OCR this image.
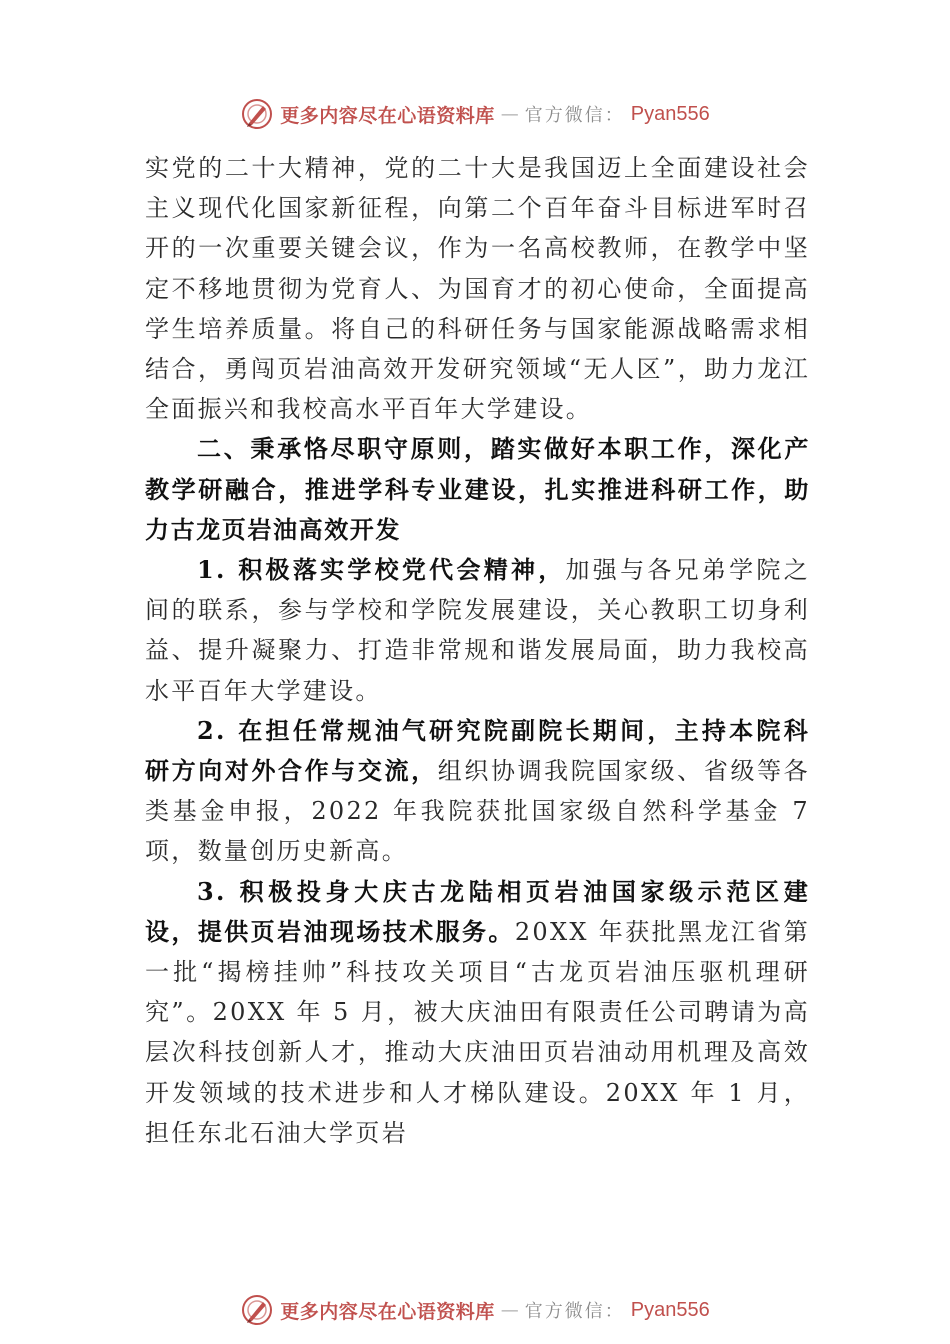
更多内容尽在心语资料库 — 官方微信： Pyan556

实党的二十大精神，党的二十大是我国迈上全面建设社会主义现代化国家新征程，向第二个百年奋斗目标进军时召开的一次重要关键会议，作为一名高校教师，在教学中坚定不移地贯彻为党育人、为国育才的初心使命，全面提高学生培养质量。将自己的科研任务与国家能源战略需求相结合，勇闯页岩油高效开发研究领域“无人区”，助力龙江全面振兴和我校高水平百年大学建设。

二、秉承恪尽职守原则，踏实做好本职工作，深化产教学研融合，推进学科专业建设，扎实推进科研工作，助力古龙页岩油高效开发

1. 积极落实学校党代会精神，加强与各兄弟学院之间的联系，参与学校和学院发展建设，关心教职工切身利益、提升凝聚力、打造非常规和谐发展局面，助力我校高水平百年大学建设。

2. 在担任常规油气研究院副院长期间，主持本院科研方向对外合作与交流，组织协调我院国家级、省级等各类基金申报，2022 年我院获批国家级自然科学基金 7 项，数量创历史新高。

3. 积极投身大庆古龙陆相页岩油国家级示范区建设，提供页岩油现场技术服务。20XX 年获批黑龙江省第一批“揭榜挂帅”科技攻关项目“古龙页岩油压驱机理研究”。20XX 年 5 月，被大庆油田有限责任公司聘请为高层次科技创新人才，推动大庆油田页岩油动用机理及高效开发领域的技术进步和人才梯队建设。20XX 年 1 月，担任东北石油大学页岩

更多内容尽在心语资料库 — 官方微信： Pyan556
